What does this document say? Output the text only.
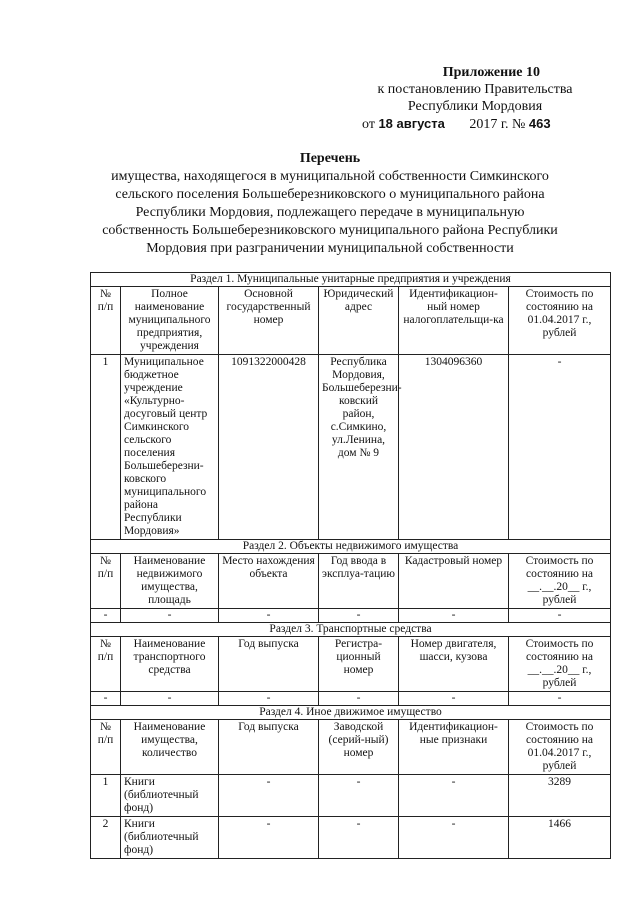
Приложение 10
к постановлению Правительства
Республики Мордовия
от 18 августа 2017 г. № 463
Перечень
имущества, находящегося в муниципальной собственности Симкинского
сельского поселения Большеберезниковского о муниципального района
Республики Мордовия, подлежащего передаче в муниципальную
собственность Большеберезниковского муниципального района Республики
Мордовия при разграничении муниципальной собственности
Раздел 1. Муниципальные унитарные предприятия и учреждения					
№ п/п	Полное наименование муниципального предприятия, учреждения	Основной государственный номер	Юридический адрес	Идентификацион-ный номер налогоплательщи-ка	Стоимость по состоянию на 01.04.2017 г., рублей
1	Муниципальное бюджетное учреждение «Культурно-досуговый центр Симкинского сельского поселения Большеберезни-ковского муниципального района Республики Мордовия»	1091322000428	Республика Мордовия, Большеберезни-ковский район, с.Симкино, ул.Ленина, дом № 9	1304096360	-
Раздел 2. Объекты недвижимого имущества					
№ п/п	Наименование недвижимого имущества, площадь	Место нахождения объекта	Год ввода в эксплуа-тацию	Кадастровый номер	Стоимость по состоянию на __.__.20__ г., рублей
-	-	-	-	-	-
Раздел 3. Транспортные средства					
№ п/п	Наименование транспортного средства	Год выпуска	Регистра-ционный номер	Номер двигателя, шасси, кузова	Стоимость по состоянию на __.__.20__ г., рублей
-	-	-	-	-	-
Раздел 4. Иное движимое имущество					
№ п/п	Наименование имущества, количество	Год выпуска	Заводской (серий-ный) номер	Идентификацион-ные признаки	Стоимость по состоянию на 01.04.2017 г., рублей
1	Книги (библиотечный фонд)	-	-	-	3289
2	Книги (библиотечный фонд)	-	-	-	1466
